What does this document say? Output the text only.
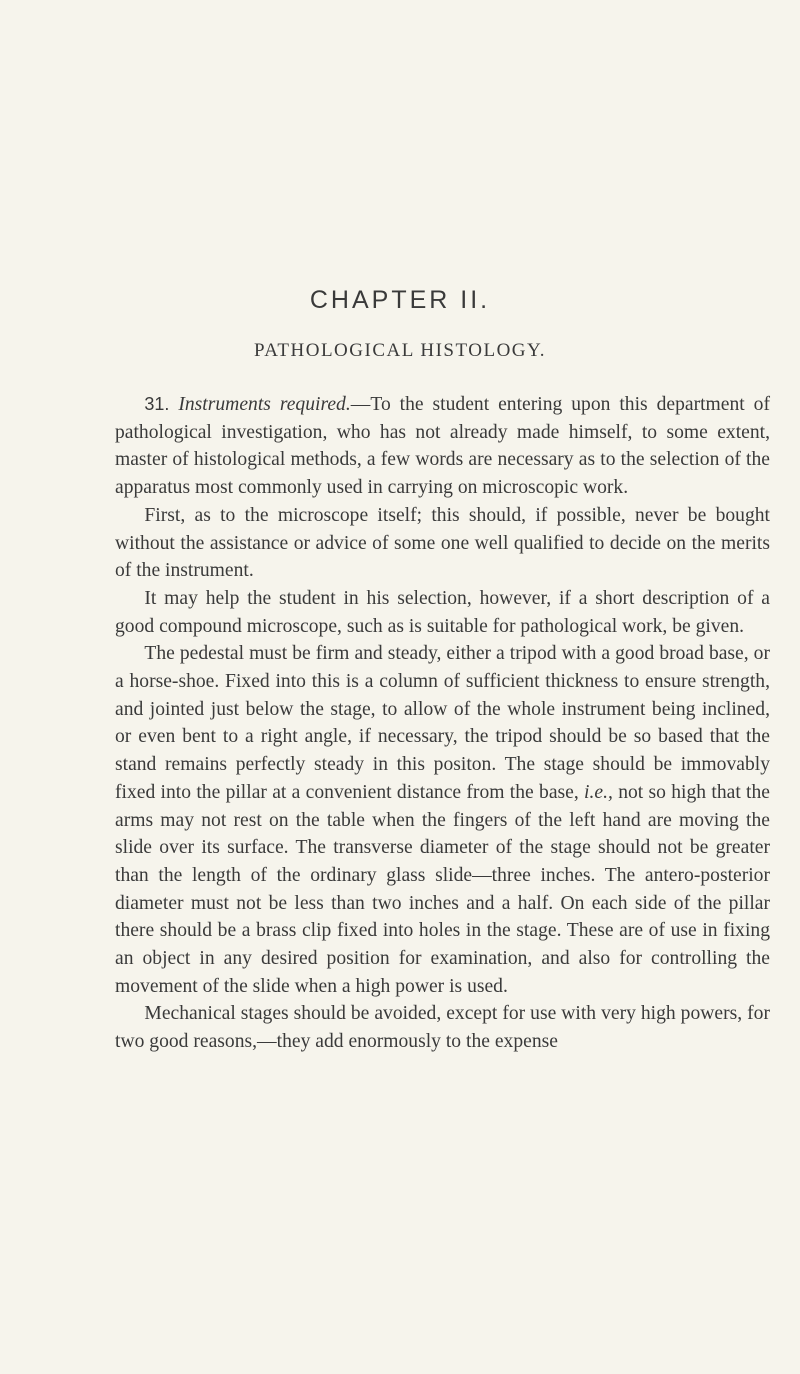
CHAPTER II.
PATHOLOGICAL HISTOLOGY.

31. Instruments required.—To the student entering upon this department of pathological investigation, who has not already made himself, to some extent, master of histological methods, a few words are necessary as to the selection of the apparatus most commonly used in carrying on microscopic work.

First, as to the microscope itself; this should, if possible, never be bought without the assistance or advice of some one well qualified to decide on the merits of the instrument.

It may help the student in his selection, however, if a short description of a good compound microscope, such as is suitable for pathological work, be given.

The pedestal must be firm and steady, either a tripod with a good broad base, or a horse-shoe. Fixed into this is a column of sufficient thickness to ensure strength, and jointed just below the stage, to allow of the whole instrument being inclined, or even bent to a right angle, if necessary, the tripod should be so based that the stand remains perfectly steady in this positon. The stage should be immovably fixed into the pillar at a convenient distance from the base, i.e., not so high that the arms may not rest on the table when the fingers of the left hand are moving the slide over its surface. The transverse diameter of the stage should not be greater than the length of the ordinary glass slide—three inches. The antero-posterior diameter must not be less than two inches and a half. On each side of the pillar there should be a brass clip fixed into holes in the stage. These are of use in fixing an object in any desired position for examination, and also for controlling the movement of the slide when a high power is used.

Mechanical stages should be avoided, except for use with very high powers, for two good reasons,—they add enormously to the expense
